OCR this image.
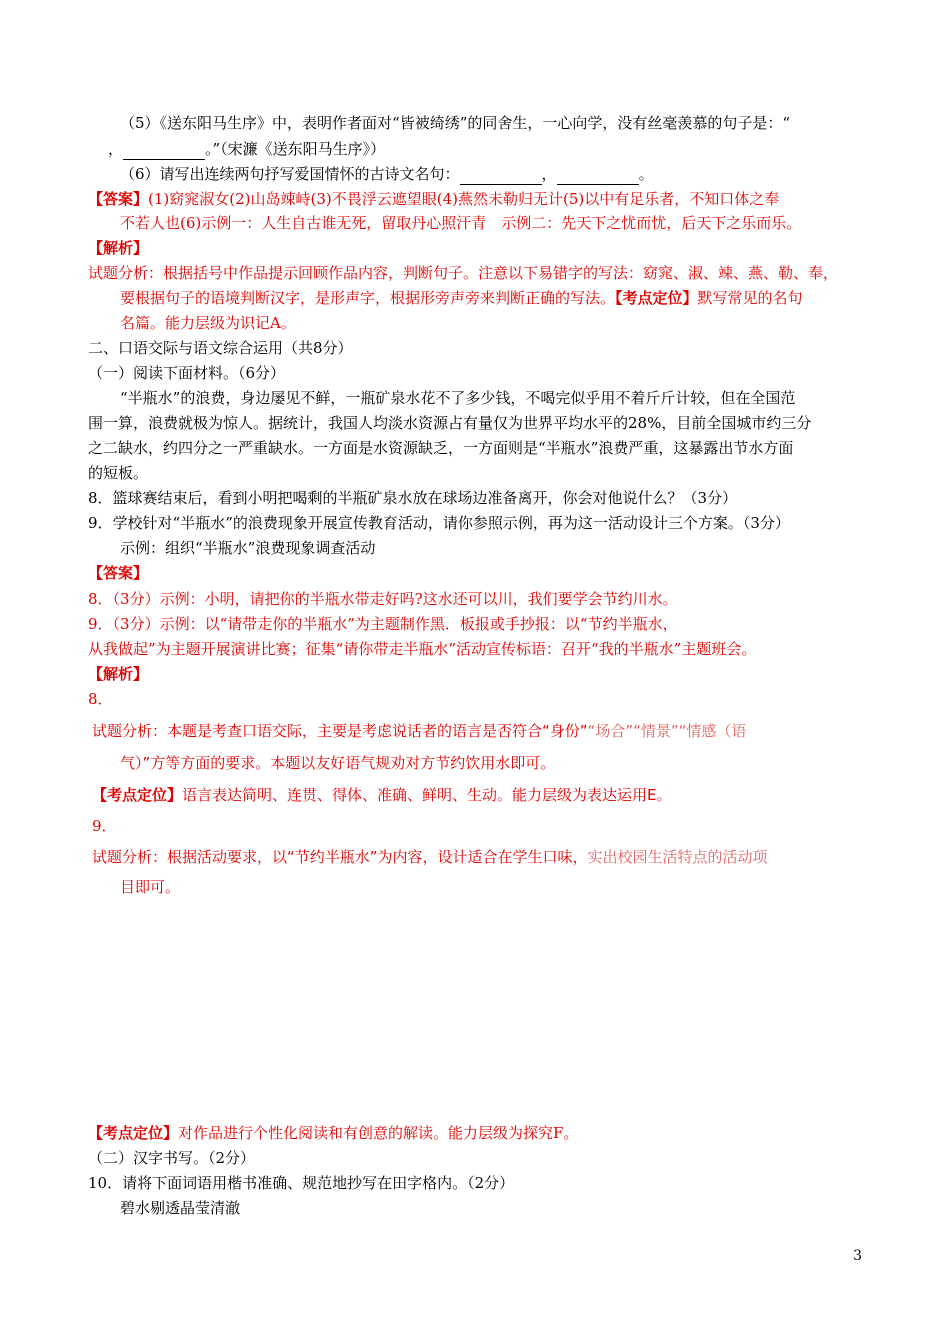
（5）《送东阳马生序》中，表明作者面对“皆被绮绣”的同舍生，一心向学，没有丝毫羡慕的句子是：“
，	。”（宋濂《送东阳马生序》）
（6）请写出连续两句抒写爱国情怀的古诗文名句：	，	。
【答案】(1)窈窕淑女(2)山岛竦峙(3)不畏浮云遮望眼(4)燕然未勒归无计(5)以中有足乐者，不知口体之奉
不若人也(6)示例一：人生自古谁无死，留取丹心照汗青　示例二：先天下之忧而忧，后天下之乐而乐。
【解析】
试题分析：根据括号中作品提示回顾作品内容，判断句子。注意以下易错字的写法：窈窕、淑、竦、燕、勒、奉，
要根据句子的语境判断汉字，是形声字，根据形旁声旁来判断正确的写法。【考点定位】默写常见的名句
名篇。能力层级为识记A。
二、口语交际与语文综合运用（共8分）
（一）阅读下面材料。（6分）
“半瓶水”的浪费，身边屡见不鲜，一瓶矿泉水花不了多少钱，不喝完似乎用不着斤斤计较，但在全国范
围一算，浪费就极为惊人。据统计，我国人均淡水资源占有量仅为世界平均水平的28%，目前全国城市约三分
之二缺水，约四分之一严重缺水。一方面是水资源缺乏，一方面则是“半瓶水”浪费严重，这暴露出节水方面
的短板。
8．篮球赛结束后，看到小明把喝剩的半瓶矿泉水放在球场边准备离开，你会对他说什么？（3分）
9．学校针对“半瓶水”的浪费现象开展宣传教育活动，请你参照示例，再为这一活动设计三个方案。（3分）
示例：组织“半瓶水”浪费现象调查活动
【答案】
8．（3分）示例：小明，请把你的半瓶水带走好吗?这水还可以川，我们要学会节约川水。
9．（3分）示例：以“请带走你的半瓶水”为主题制作黑．板报或手抄报：以“节约半瓶水，
从我做起”为主题开展演讲比赛；征集“请你带走半瓶水”活动宣传标语：召开“我的半瓶水”主题班会。
【解析】
8．
试题分析：本题是考查口语交际，主要是考虑说话者的语言是否符合“身份”“场合”“情景”“情感（语
气）”方等方面的要求。本题以友好语气规劝对方节约饮用水即可。
【考点定位】语言表达简明、连贯、得体、准确、鲜明、生动。能力层级为表达运用E。
9．
试题分析：根据活动要求，以“节约半瓶水”为内容，设计适合在学生口味，实出校园生活特点的活动项
目即可。
【考点定位】对作品进行个性化阅读和有创意的解读。能力层级为探究F。
（二）汉字书写。（2分）
10．请将下面词语用楷书准确、规范地抄写在田字格内。（2分）
碧水剔透晶莹清澈
3
